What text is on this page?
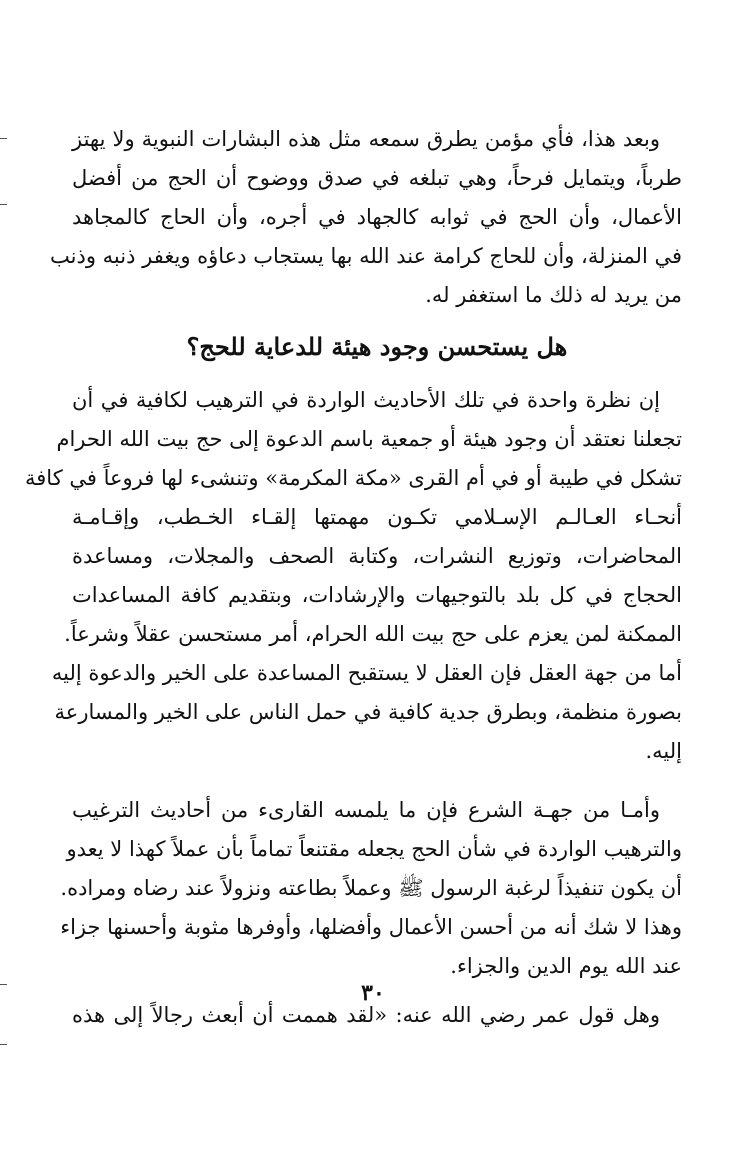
وبعد هذا، فأي مؤمن يطرق سمعه مثل هذه البشارات النبوية ولا يهتز
طرباً، ويتمايل فرحاً، وهي تبلغه في صدق ووضوح أن الحج من أفضل
الأعمال، وأن الحج في ثوابه كالجهاد في أجره، وأن الحاج كالمجاهد
في المنزلة، وأن للحاج كرامة عند الله بها يستجاب دعاؤه ويغفر ذنبه وذنب
من يريد له ذلك ما استغفر له.

هل يستحسن وجود هيئة للدعاية للحج؟

إن نظرة واحدة في تلك الأحاديث الواردة في الترهيب لكافية في أن
تجعلنا نعتقد أن وجود هيئة أو جمعية باسم الدعوة إلى حج بيت الله الحرام
تشكل في طيبة أو في أم القرى «مكة المكرمة» وتنشىء لها فروعاً في كافة
أنحـاء العـالـم الإسـلامي تكـون مهمتها إلقـاء الخـطب، وإقـامـة
المحاضرات، وتوزيع النشرات، وكتابة الصحف والمجلات، ومساعدة
الحجاج في كل بلد بالتوجيهات والإرشادات، وبتقديم كافة المساعدات
الممكنة لمن يعزم على حج بيت الله الحرام، أمر مستحسن عقلاً وشرعاً.

أما من جهة العقل فإن العقل لا يستقبح المساعدة على الخير والدعوة إليه
بصورة منظمة، وبطرق جدية كافية في حمل الناس على الخير والمسارعة
إليه.

وأمـا من جهـة الشرع فإن ما يلمسه القارىء من أحاديث الترغيب
والترهيب الواردة في شأن الحج يجعله مقتنعاً تماماً بأن عملاً كهذا لا يعدو
أن يكون تنفيذاً لرغبة الرسول ﷺ وعملاً بطاعته ونزولاً عند رضاه ومراده.

وهذا لا شك أنه من أحسن الأعمال وأفضلها، وأوفرها مثوبة وأحسنها جزاء
عند الله يوم الدين والجزاء.

وهل قول عمر رضي الله عنه: «لقد هممت أن أبعث رجالاً إلى هذه

٣٠
